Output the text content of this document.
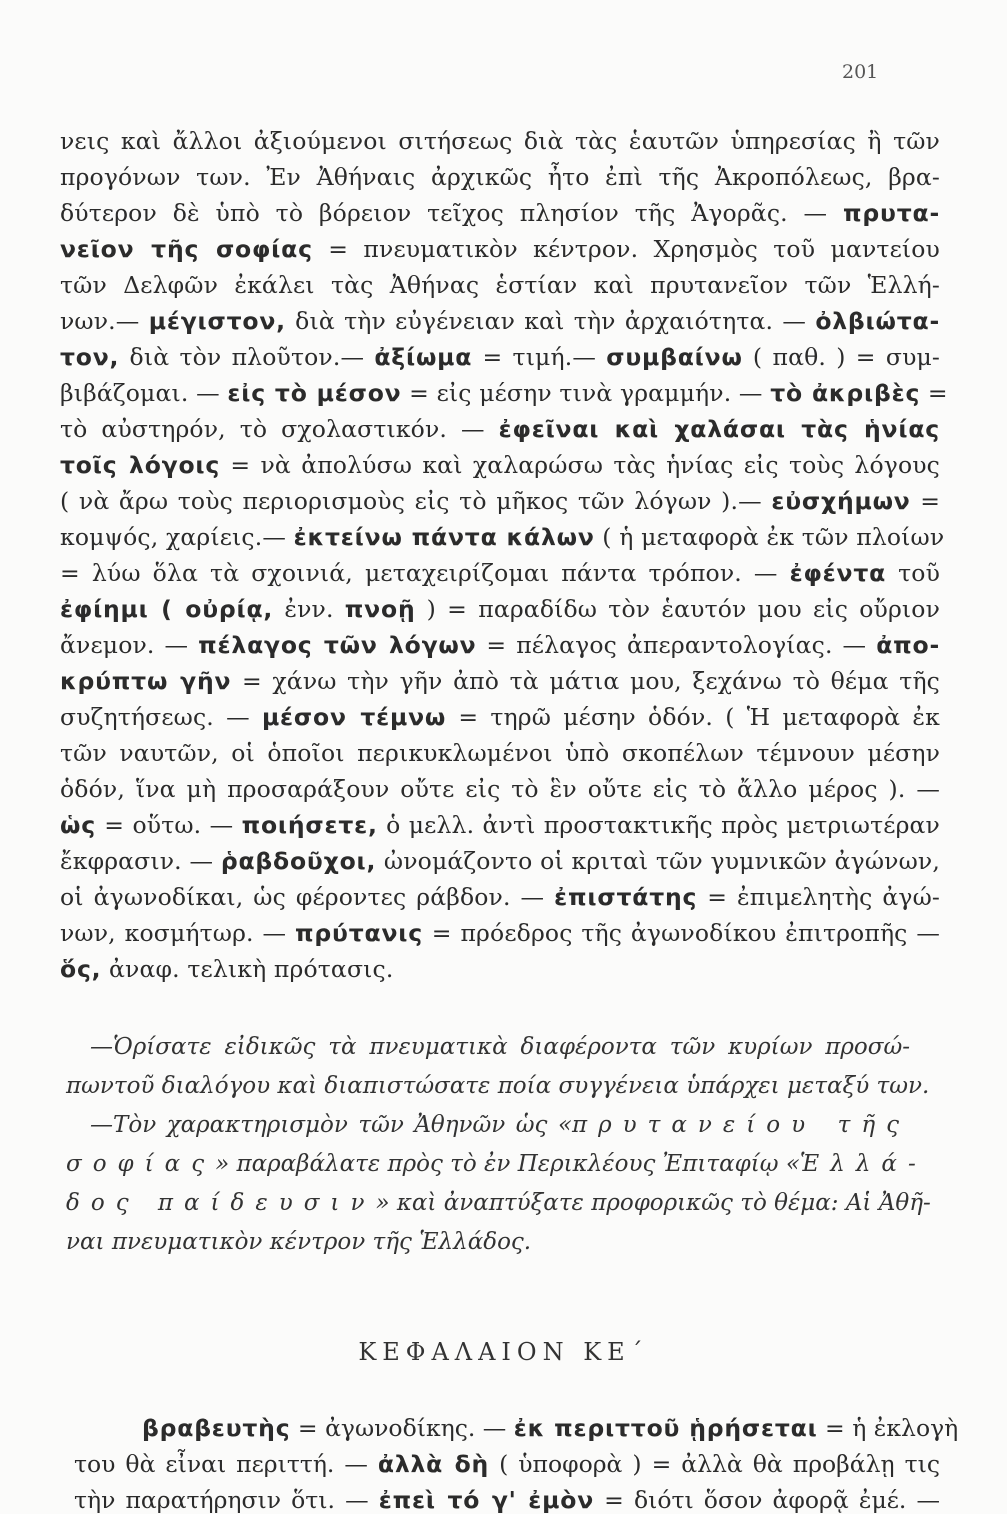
201
νεις καὶ ἄλλοι ἀξιούμενοι σιτήσεως διὰ τὰς ἑαυτῶν ὑπηρεσίας ἢ τῶν
προγόνων των. Ἐν Ἀθήναις ἀρχικῶς ἦτο ἐπὶ τῆς Ἀκροπόλεως, βρα-
δύτερον δὲ ὑπὸ τὸ βόρειον τεῖχος πλησίον τῆς Ἀγορᾶς. — πρυτα-
νεῖον τῆς σοφίας = πνευματικὸν κέντρον. Χρησμὸς τοῦ μαντείου
τῶν Δελφῶν ἐκάλει τὰς Ἀθήνας ἑστίαν καὶ πρυτανεῖον τῶν Ἑλλή-
νων.— μέγιστον, διὰ τὴν εὐγένειαν καὶ τὴν ἀρχαιότητα. — ὀλβιώτα-
τον, διὰ τὸν πλοῦτον.— ἀξίωμα = τιμή.— συμβαίνω ( παθ. ) = συμ-
βιβάζομαι. — εἰς τὸ μέσον = εἰς μέσην τινὰ γραμμήν. — τὸ ἀκριβὲς =
τὸ αὐστηρόν, τὸ σχολαστικόν. — ἐφεῖναι καὶ χαλάσαι τὰς ἡνίας
τοῖς λόγοις = νὰ ἀπολύσω καὶ χαλαρώσω τὰς ἡνίας εἰς τοὺς λόγους
( νὰ ἄρω τοὺς περιορισμοὺς εἰς τὸ μῆκος τῶν λόγων ).— εὐσχήμων =
κομψός, χαρίεις.— ἐκτείνω πάντα κάλων ( ἡ μεταφορὰ ἐκ τῶν πλοίων
= λύω ὅλα τὰ σχοινιά, μεταχειρίζομαι πάντα τρόπον. — ἐφέντα τοῦ
ἐφίημι ( οὐρίᾳ, ἐνν. πνοῇ ) = παραδίδω τὸν ἑαυτόν μου εἰς οὔριον
ἄνεμον. — πέλαγος τῶν λόγων = πέλαγος ἀπεραντολογίας. — ἀπο-
κρύπτω γῆν = χάνω τὴν γῆν ἀπὸ τὰ μάτια μου, ξεχάνω τὸ θέμα τῆς
συζητήσεως. — μέσον τέμνω = τηρῶ μέσην ὁδόν. ( Ἡ μεταφορὰ ἐκ
τῶν ναυτῶν, οἱ ὁποῖοι περικυκλωμένοι ὑπὸ σκοπέλων τέμνουν μέσην
ὁδόν, ἵνα μὴ προσαράξουν οὔτε εἰς τὸ ἓν οὔτε εἰς τὸ ἄλλο μέρος ). —
ὡς = οὕτω. — ποιήσετε, ὁ μελλ. ἀντὶ προστακτικῆς πρὸς μετριωτέραν
ἔκφρασιν. — ῥαβδοῦχοι, ὠνομάζοντο οἱ κριταὶ τῶν γυμνικῶν ἀγώνων,
οἱ ἀγωνοδίκαι, ὡς φέροντες ράβδον. — ἐπιστάτης = ἐπιμελητὴς ἀγώ-
νων, κοσμήτωρ. — πρύτανις = πρόεδρος τῆς ἀγωνοδίκου ἐπιτροπῆς —
ὅς, ἀναφ. τελικὴ πρότασις.
—Ὁρίσατε εἰδικῶς τὰ πνευματικὰ διαφέροντα τῶν κυρίων προσώ-
πωντοῦ διαλόγου καὶ διαπιστώσατε ποία συγγένεια ὑπάρχει μεταξύ των.
—Τὸν χαρακτηρισμὸν τῶν Ἀθηνῶν ὡς «πρυτανείου τῆς
σοφίας» παραβάλατε πρὸς τὸ ἐν Περικλέους Ἐπιταφίῳ «Ἑλλά-
δος παίδευσιν» καὶ ἀναπτύξατε προφορικῶς τὸ θέμα: Αἱ Ἀθῆ-
ναι πνευματικὸν κέντρον τῆς Ἑλλάδος.
ΚΕΦΑΛΑΙΟΝ ΚΕ΄
βραβευτὴς = ἀγωνοδίκης. — ἐκ περιττοῦ ᾑρήσεται = ἡ ἐκλογὴ
του θὰ εἶναι περιττή. — ἀλλὰ δὴ ( ὑποφορὰ ) = ἀλλὰ θὰ προβάλῃ τις
τὴν παρατήρησιν ὅτι. — ἐπεὶ τό γ' ἐμὸν = διότι ὅσον ἀφορᾷ ἐμέ. —
